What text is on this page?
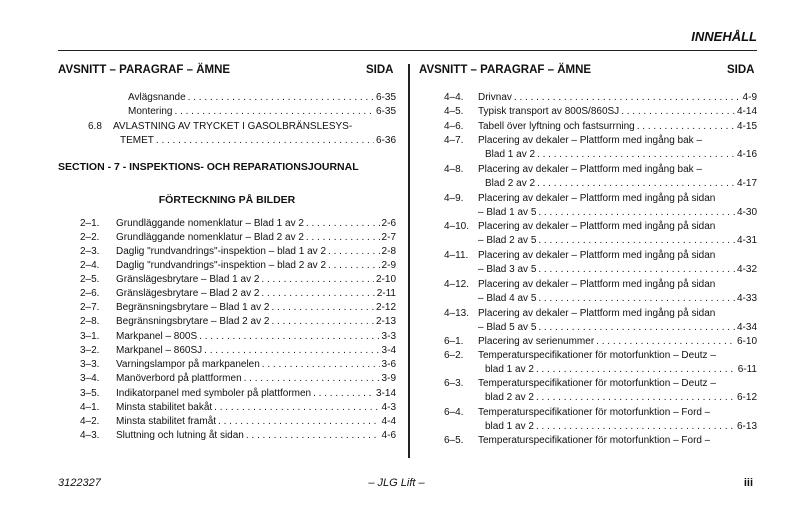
INNEHÅLL
AVSNITT – PARAGRAF – ÄMNE	SIDA
Avlägsnande . . .	6-35
Montering . . .	6-35
6.8 AVLASTNING AV TRYCKET I GASOLBRÄNSLESYS-
TEMET . . .	6-36
SECTION - 7 - INSPEKTIONS- OCH REPARATIONSJOURNAL
FÖRTECKNING PÅ BILDER
2–1. Grundläggande nomenklatur – Blad 1 av 2 . . .	2-6
2–2. Grundläggande nomenklatur – Blad 2 av 2 . . .	2-7
2–3. Daglig "rundvandrings"-inspektion – blad 1 av 2 . . .	2-8
2–4. Daglig "rundvandrings"-inspektion – blad 2 av 2 . . .	2-9
2–5. Gränslägesbrytare – Blad 1 av 2 . . .	2-10
2–6. Gränslägesbrytare – Blad 2 av 2 . . .	2-11
2–7. Begränsningsbrytare – Blad 1 av 2 . . .	2-12
2–8. Begränsningsbrytare – Blad 2 av 2 . . .	2-13
3–1. Markpanel – 800S . . .	3-3
3–2. Markpanel – 860SJ . . .	3-4
3–3. Varningslampor på markpanelen . . .	3-6
3–4. Manöverbord på plattformen . . .	3-9
3–5. Indikatorpanel med symboler på plattformen . . .	3-14
4–1. Minsta stabilitet bakåt . . .	4-3
4–2. Minsta stabilitet framåt . . .	4-4
4–3. Sluttning och lutning åt sidan . . .	4-6
AVSNITT – PARAGRAF – ÄMNE	SIDA
4–4. Drivnav . . .	4-9
4–5. Typisk transport av 800S/860SJ . . .	4-14
4–6. Tabell över lyftning och fastsurrning . . .	4-15
4–7. Placering av dekaler – Plattform med ingång bak –
Blad 1 av 2 . . .	4-16
4–8. Placering av dekaler – Plattform med ingång bak –
Blad 2 av 2 . . .	4-17
4–9. Placering av dekaler – Plattform med ingång på sidan
– Blad 1 av 5 . . .	4-30
4–10. Placering av dekaler – Plattform med ingång på sidan
– Blad 2 av 5 . . .	4-31
4–11. Placering av dekaler – Plattform med ingång på sidan
– Blad 3 av 5 . . .	4-32
4–12. Placering av dekaler – Plattform med ingång på sidan
– Blad 4 av 5 . . .	4-33
4–13. Placering av dekaler – Plattform med ingång på sidan
– Blad 5 av 5 . . .	4-34
6–1. Placering av serienummer . . .	6-10
6–2. Temperaturspecifikationer för motorfunktion – Deutz –
blad 1 av 2 . . .	6-11
6–3. Temperaturspecifikationer för motorfunktion – Deutz –
blad 2 av 2 . . .	6-12
6–4. Temperaturspecifikationer för motorfunktion – Ford –
blad 1 av 2 . . .	6-13
6–5. Temperaturspecifikationer för motorfunktion – Ford –
3122327	– JLG Lift –	iii
